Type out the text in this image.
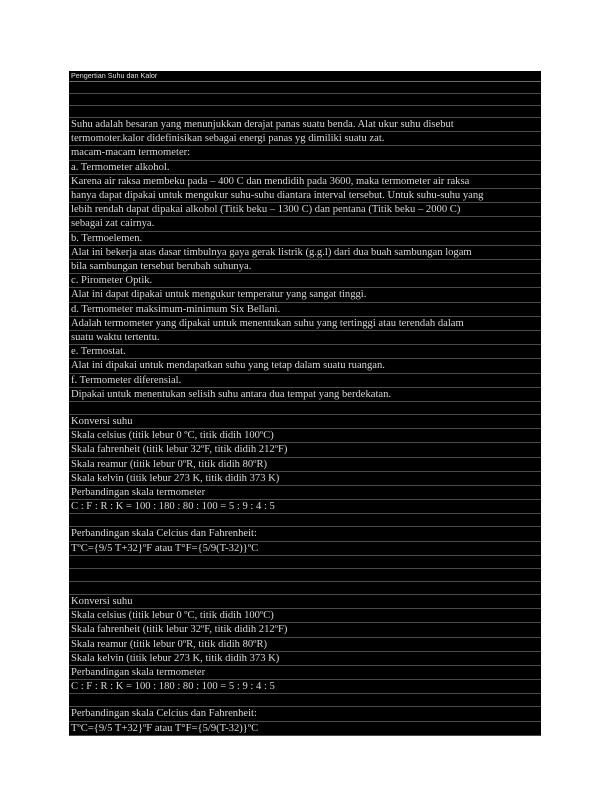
Pengertian Suhu dan Kalor
Suhu adalah besaran yang menunjukkan derajat panas suatu benda. Alat ukur suhu disebut
termomoter.kalor didefinisikan sebagai energi panas yg dimiliki suatu zat.
macam-macam termometer:
a. Termometer alkohol.
Karena air raksa membeku pada – 400 C dan mendidih pada 3600, maka termometer air raksa
hanya dapat dipakai untuk mengukur suhu-suhu diantara interval tersebut. Untuk suhu-suhu yang
lebih rendah dapat dipakai alkohol (Titik beku – 1300 C) dan pentana (Titik beku – 2000 C)
sebagai zat cairnya.
b. Termoelemen.
Alat ini bekerja atas dasar timbulnya gaya gerak listrik (g.g.l) dari dua buah sambungan logam
bila sambungan tersebut berubah suhunya.
c. Pirometer Optik.
Alat ini dapat dipakai untuk mengukur temperatur yang sangat tinggi.
d. Termometer maksimum-minimum Six Bellani.
Adalah termometer yang dipakai untuk menentukan suhu yang tertinggi atau terendah dalam
suatu waktu tertentu.
e. Termostat.
Alat ini dipakai untuk mendapatkan suhu yang tetap dalam suatu ruangan.
f. Termometer diferensial.
Dipakai untuk menentukan selisih suhu antara dua tempat yang berdekatan.
Konversi suhu
Skala celsius (titik lebur 0 ºC, titik didih 100ºC)
Skala fahrenheit (titik lebur 32ºF, titik didih 212ºF)
Skala reamur (titik lebur 0ºR, titik didih 80ºR)
Skala kelvin (titik lebur 273 K, titik didih 373 K)
Perbandingan skala termometer
C : F : R : K = 100 : 180 : 80 : 100 = 5 : 9 : 4 : 5
Perbandingan skala Celcius dan Fahrenheit:
TºC={9/5 T+32}ºF atau T°F={5/9(T-32)}ºC
Konversi suhu
Skala celsius (titik lebur 0 ºC, titik didih 100ºC)
Skala fahrenheit (titik lebur 32ºF, titik didih 212ºF)
Skala reamur (titik lebur 0ºR, titik didih 80ºR)
Skala kelvin (titik lebur 273 K, titik didih 373 K)
Perbandingan skala termometer
C : F : R : K = 100 : 180 : 80 : 100 = 5 : 9 : 4 : 5
Perbandingan skala Celcius dan Fahrenheit:
TºC={9/5 T+32}ºF atau T°F={5/9(T-32)}ºC
